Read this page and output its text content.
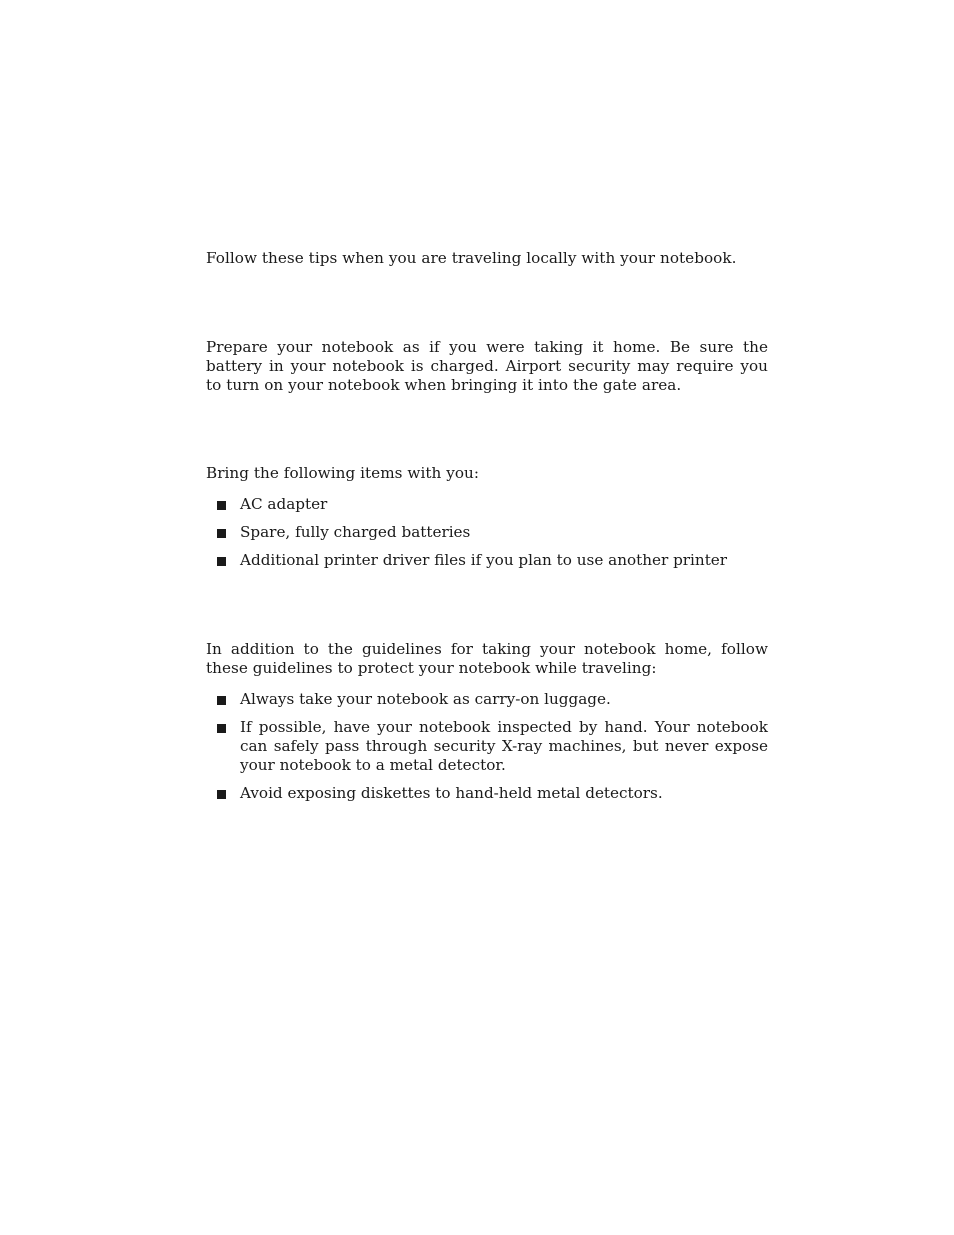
Follow these tips when you are traveling locally with your notebook.

Prepare your notebook as if you were taking it home. Be sure the battery in your notebook is charged. Airport security may require you to turn on your notebook when bringing it into the gate area.

Bring the following items with you:

AC adapter
Spare, fully charged batteries
Additional printer driver files if you plan to use another printer

In addition to the guidelines for taking your notebook home, follow these guidelines to protect your notebook while traveling:

Always take your notebook as carry-on luggage.
If possible, have your notebook inspected by hand. Your notebook can safely pass through security X-ray machines, but never expose your notebook to a metal detector.
Avoid exposing diskettes to hand-held metal detectors.
